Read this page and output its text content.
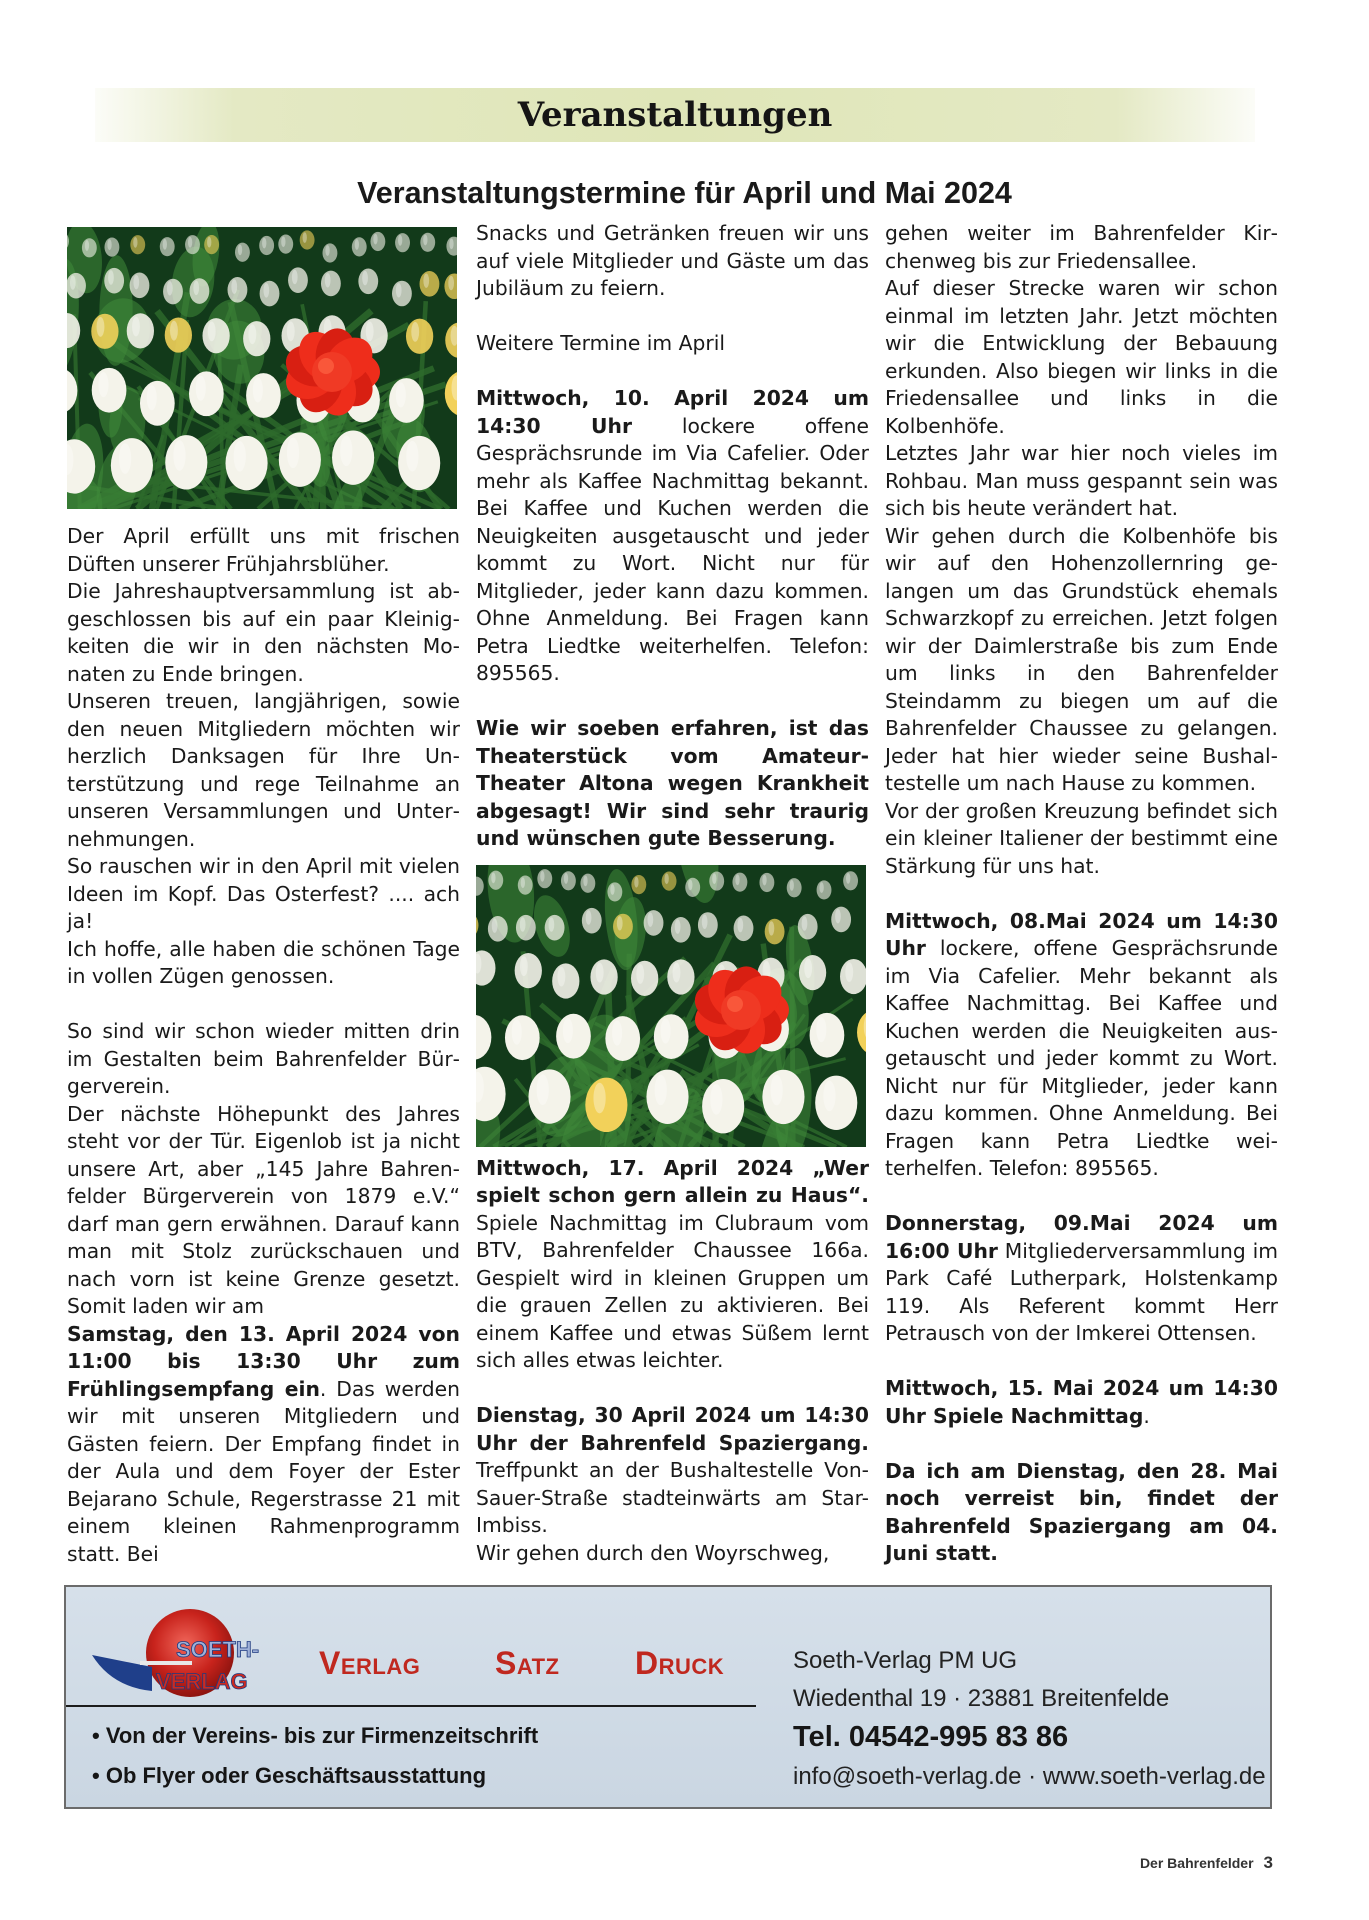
Veranstaltungen
Veranstaltungstermine für April und Mai 2024

Der April erfüllt uns mit frischen Düften unserer Frühjahrsblüher.

Die Jahreshauptversammlung ist abgeschlossen bis auf ein paar Kleinigkeiten die wir in den nächsten Monaten zu Ende bringen.

Unseren treuen, langjährigen, sowie den neuen Mitgliedern möchten wir herzlich Danksagen für Ihre Unterstützung und rege Teilnahme an unseren Versammlungen und Unternehmungen.

So rauschen wir in den April mit vielen Ideen im Kopf. Das Osterfest? .... ach ja!

Ich hoffe, alle haben die schönen Tage in vollen Zügen genossen.

So sind wir schon wieder mitten drin im Gestalten beim Bahrenfelder Bürgerverein.

Der nächste Höhepunkt des Jahres steht vor der Tür. Eigenlob ist ja nicht unsere Art, aber „145 Jahre Bahrenfelder Bürgerverein von 1879 e.V.“ darf man gern erwähnen. Darauf kann man mit Stolz zurückschauen und nach vorn ist keine Grenze gesetzt. Somit laden wir am

Samstag, den 13. April 2024 von 11:00 bis 13:30 Uhr zum Frühlingsempfang ein. Das werden wir mit unseren Mitgliedern und Gästen feiern. Der Empfang findet in der Aula und dem Foyer der Ester Bejarano Schule, Regerstrasse 21 mit einem kleinen Rahmenprogramm statt. Bei

Snacks und Getränken freuen wir uns auf viele Mitglieder und Gäste um das Jubiläum zu feiern.

Weitere Termine im April

Mittwoch, 10. April 2024 um 14:30 Uhr lockere offene Gesprächsrunde im Via Cafelier. Oder mehr als Kaffee Nachmittag bekannt. Bei Kaffee und Kuchen werden die Neuigkeiten ausgetauscht und jeder kommt zu Wort. Nicht nur für Mitglieder, jeder kann dazu kommen. Ohne Anmeldung. Bei Fragen kann Petra Liedtke weiterhelfen. Telefon: 895565.

Wie wir soeben erfahren, ist das Theaterstück vom Amateur-Theater Altona wegen Krankheit abgesagt! Wir sind sehr traurig und wünschen gute Besserung.

Mittwoch, 17. April 2024 „Wer spielt schon gern allein zu Haus“. Spiele Nachmittag im Clubraum vom BTV, Bahrenfelder Chaussee 166a. Gespielt wird in kleinen Gruppen um die grauen Zellen zu aktivieren. Bei einem Kaffee und etwas Süßem lernt sich alles etwas leichter.

Dienstag, 30 April 2024 um 14:30 Uhr der Bahrenfeld Spaziergang. Treffpunkt an der Bushaltestelle Von-Sauer-Straße stadteinwärts am Star-Imbiss.

Wir gehen durch den Woyrschweg,

gehen weiter im Bahrenfelder Kirchenweg bis zur Friedensallee.

Auf dieser Strecke waren wir schon einmal im letzten Jahr. Jetzt möchten wir die Entwicklung der Bebauung erkunden. Also biegen wir links in die Friedensallee und links in die Kolbenhöfe.

Letztes Jahr war hier noch vieles im Rohbau. Man muss gespannt sein was sich bis heute verändert hat.

Wir gehen durch die Kolbenhöfe bis wir auf den Hohenzollernring gelangen um das Grundstück ehemals Schwarzkopf zu erreichen. Jetzt folgen wir der Daimlerstraße bis zum Ende um links in den Bahrenfelder Steindamm zu biegen um auf die Bahrenfelder Chaussee zu gelangen. Jeder hat hier wieder seine Bushaltestelle um nach Hause zu kommen.

Vor der großen Kreuzung befindet sich ein kleiner Italiener der bestimmt eine Stärkung für uns hat.

Mittwoch, 08.Mai 2024 um 14:30 Uhr lockere, offene Gesprächsrunde im Via Cafelier. Mehr bekannt als Kaffee Nachmittag. Bei Kaffee und Kuchen werden die Neuigkeiten ausgetauscht und jeder kommt zu Wort. Nicht nur für Mitglieder, jeder kann dazu kommen. Ohne Anmeldung. Bei Fragen kann Petra Liedtke weiterhelfen. Telefon: 895565.

Donnerstag, 09.Mai 2024 um 16:00 Uhr Mitgliederversammlung im Park Café Lutherpark, Holstenkamp 119. Als Referent kommt Herr Petrausch von der Imkerei Ottensen.

Mittwoch, 15. Mai 2024 um 14:30 Uhr Spiele Nachmittag.

Da ich am Dienstag, den 28. Mai noch verreist bin, findet der Bahrenfeld Spaziergang am 04. Juni statt.

SOETH-
VERLAG
Verlag Satz Druck
• Von der Vereins- bis zur Firmenzeitschrift
• Ob Flyer oder Geschäftsausstattung
Soeth-Verlag PM UG
Wiedenthal 19 · 23881 Breitenfelde
Tel. 04542-995 83 86
info@soeth-verlag.de · www.soeth-verlag.de
Der Bahrenfelder 3
